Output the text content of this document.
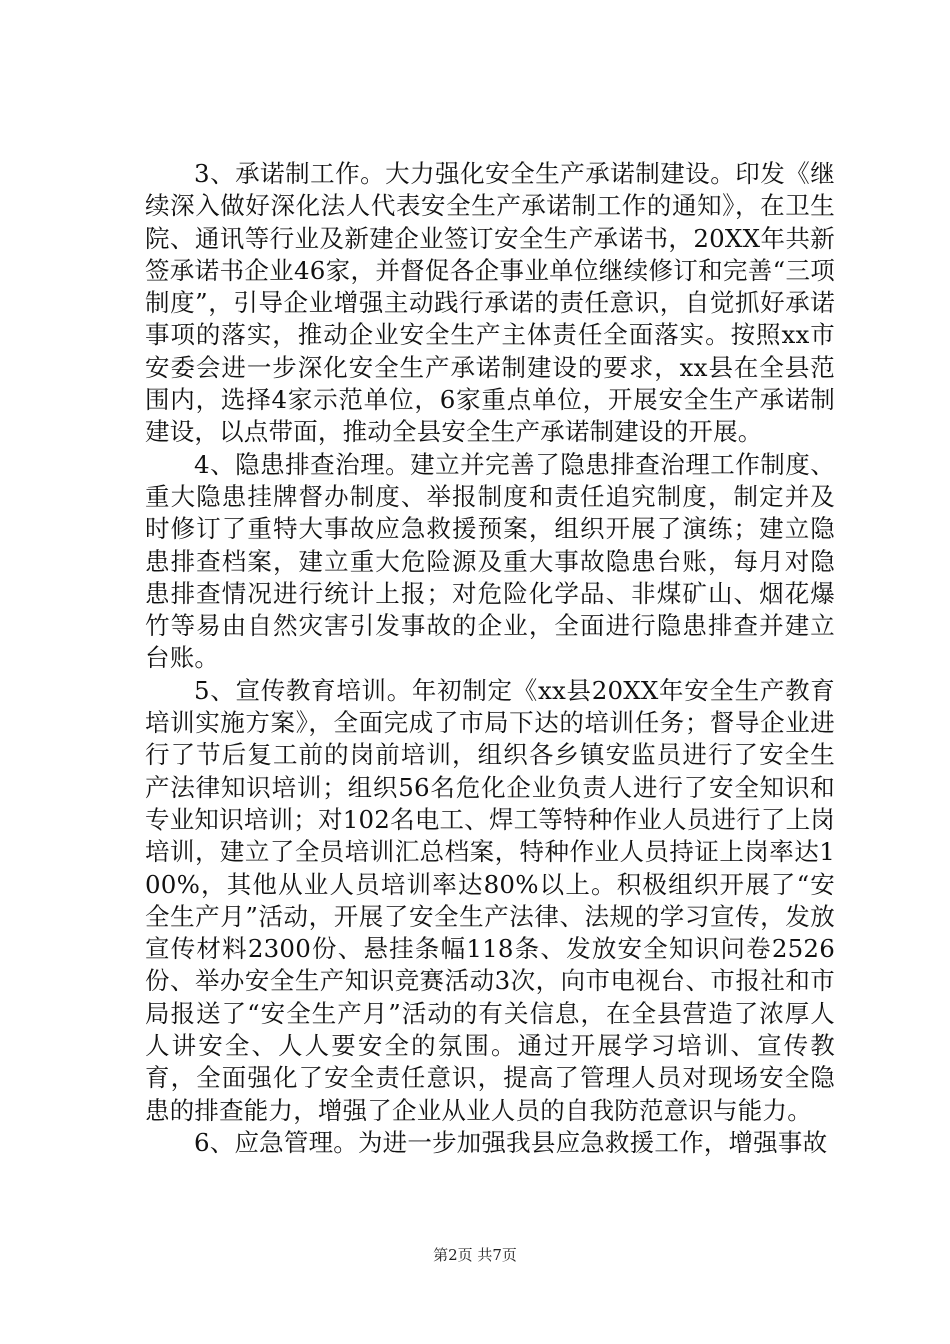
3、承诺制工作。大力强化安全生产承诺制建设。印发《继续深入做好深化法人代表安全生产承诺制工作的通知》，在卫生院、通讯等行业及新建企业签订安全生产承诺书，20XX年共新签承诺书企业46家，并督促各企事业单位继续修订和完善“三项制度”，引导企业增强主动践行承诺的责任意识，自觉抓好承诺事项的落实，推动企业安全生产主体责任全面落实。按照xx市安委会进一步深化安全生产承诺制建设的要求，xx县在全县范围内，选择4家示范单位，6家重点单位，开展安全生产承诺制建设，以点带面，推动全县安全生产承诺制建设的开展。

4、隐患排查治理。建立并完善了隐患排查治理工作制度、重大隐患挂牌督办制度、举报制度和责任追究制度，制定并及时修订了重特大事故应急救援预案，组织开展了演练；建立隐患排查档案，建立重大危险源及重大事故隐患台账，每月对隐患排查情况进行统计上报；对危险化学品、非煤矿山、烟花爆竹等易由自然灾害引发事故的企业，全面进行隐患排查并建立台账。

5、宣传教育培训。年初制定《xx县20XX年安全生产教育培训实施方案》，全面完成了市局下达的培训任务；督导企业进行了节后复工前的岗前培训，组织各乡镇安监员进行了安全生产法律知识培训；组织56名危化企业负责人进行了安全知识和专业知识培训；对102名电工、焊工等特种作业人员进行了上岗培训，建立了全员培训汇总档案，特种作业人员持证上岗率达100%，其他从业人员培训率达80%以上。积极组织开展了“安全生产月”活动，开展了安全生产法律、法规的学习宣传，发放宣传材料2300份、悬挂条幅118条、发放安全知识问卷2526份、举办安全生产知识竞赛活动3次，向市电视台、市报社和市局报送了“安全生产月”活动的有关信息，在全县营造了浓厚人人讲安全、人人要安全的氛围。通过开展学习培训、宣传教育，全面强化了安全责任意识，提高了管理人员对现场安全隐患的排查能力，增强了企业从业人员的自我防范意识与能力。

6、应急管理。为进一步加强我县应急救援工作，增强事故

第2页 共7页
